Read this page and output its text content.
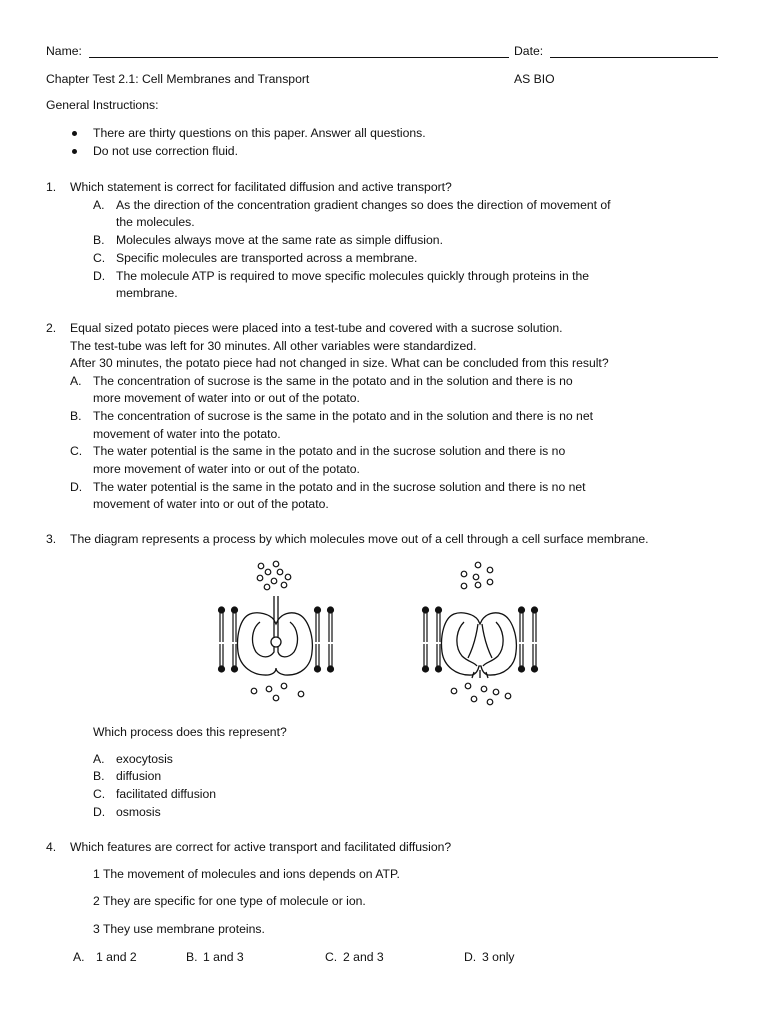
Name:	Date:
Chapter Test 2.1: Cell Membranes and Transport	AS BIO
General Instructions:
There are thirty questions on this paper. Answer all questions.
Do not use correction fluid.
1. Which statement is correct for facilitated diffusion and active transport?
A. As the direction of the concentration gradient changes so does the direction of movement of
the molecules.
B. Molecules always move at the same rate as simple diffusion.
C. Specific molecules are transported across a membrane.
D. The molecule ATP is required to move specific molecules quickly through proteins in the
membrane.
2. Equal sized potato pieces were placed into a test-tube and covered with a sucrose solution.
The test-tube was left for 30 minutes. All other variables were standardized.
After 30 minutes, the potato piece had not changed in size. What can be concluded from this result?
A. The concentration of sucrose is the same in the potato and in the solution and there is no
more movement of water into or out of the potato.
B. The concentration of sucrose is the same in the potato and in the solution and there is no net
movement of water into the potato.
C. The water potential is the same in the potato and in the sucrose solution and there is no
more movement of water into or out of the potato.
D. The water potential is the same in the potato and in the sucrose solution and there is no net
movement of water into or out of the potato.
3. The diagram represents a process by which molecules move out of a cell through a cell surface membrane.
Which process does this represent?
A. exocytosis
B. diffusion
C. facilitated diffusion
D. osmosis
4. Which features are correct for active transport and facilitated diffusion?
1 The movement of molecules and ions depends on ATP.
2 They are specific for one type of molecule or ion.
3 They use membrane proteins.
A. 1 and 2	B. 1 and 3	C. 2 and 3	D. 3 only
